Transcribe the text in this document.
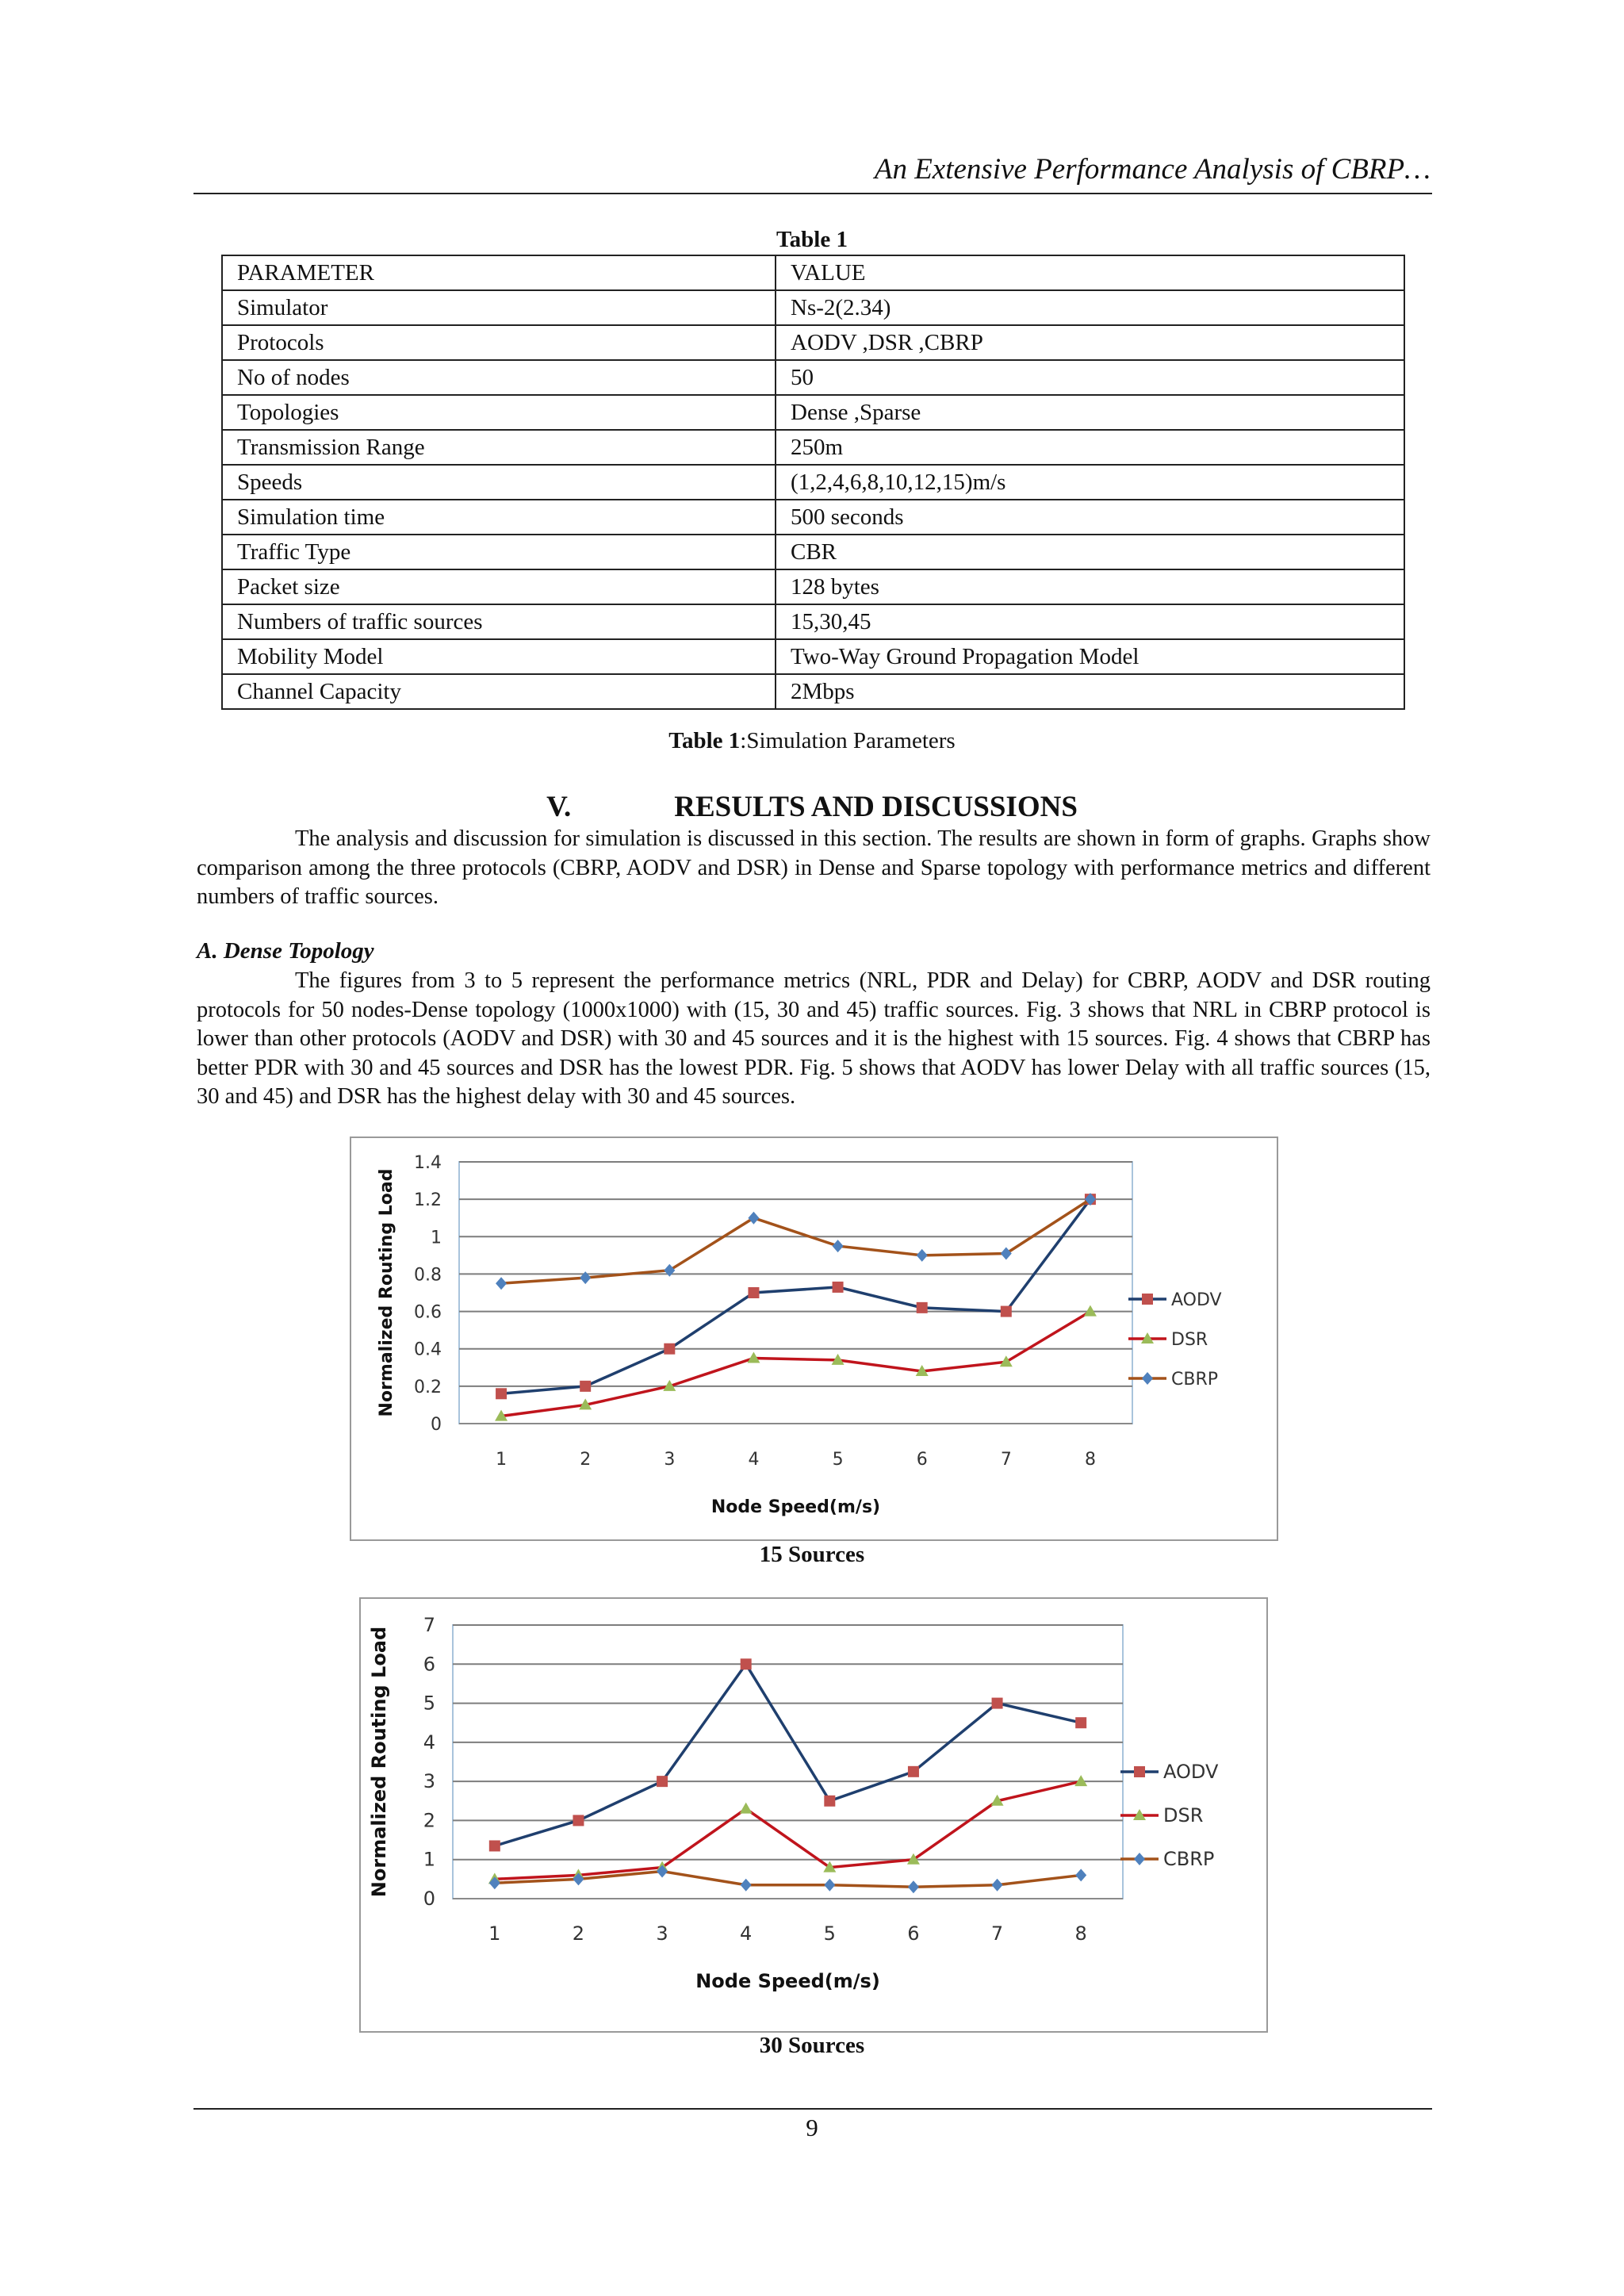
An Extensive Performance Analysis of CBRP…
Table 1
PARAMETER	VALUE
Simulator	Ns-2(2.34)
Protocols	AODV ,DSR ,CBRP
No of nodes	50
Topologies	Dense ,Sparse
Transmission Range	250m
Speeds	(1,2,4,6,8,10,12,15)m/s
Simulation time	500 seconds
Traffic Type	CBR
Packet size	128 bytes
Numbers of traffic sources	15,30,45
Mobility Model	Two-Way Ground Propagation Model
Channel Capacity	2Mbps
Table 1:Simulation Parameters
V.	RESULTS AND DISCUSSIONS
The analysis and discussion for simulation is discussed in this section. The results are shown in form of graphs. Graphs show comparison among the three protocols (CBRP, AODV and DSR) in Dense and Sparse topology with performance metrics and different numbers of traffic sources.
A. Dense Topology
The figures from 3 to 5 represent the performance metrics (NRL, PDR and Delay) for CBRP, AODV and DSR routing protocols for 50 nodes-Dense topology (1000x1000) with (15, 30 and 45) traffic sources. Fig. 3 shows that NRL in CBRP protocol is lower than other protocols (AODV and DSR) with 30 and 45 sources and it is the highest with 15 sources. Fig. 4 shows that CBRP has better PDR with 30 and 45 sources and DSR has the lowest PDR. Fig. 5 shows that AODV has lower Delay with all traffic sources (15, 30 and 45) and DSR has the highest delay with 30 and 45 sources.
0
0.2
0.4
0.6
0.8
1
1.2
1.4
1	2	3	4	5	6	7	8
Node Speed(m/s)
Normalized Routing Load	AODV
DSR
CBRP
15 Sources
0
1
2
3
4
5
6
7
1	2	3	4	5	6	7	8
Node Speed(m/s)
Normalized Routing Load	AODV
DSR
CBRP
30 Sources
9
